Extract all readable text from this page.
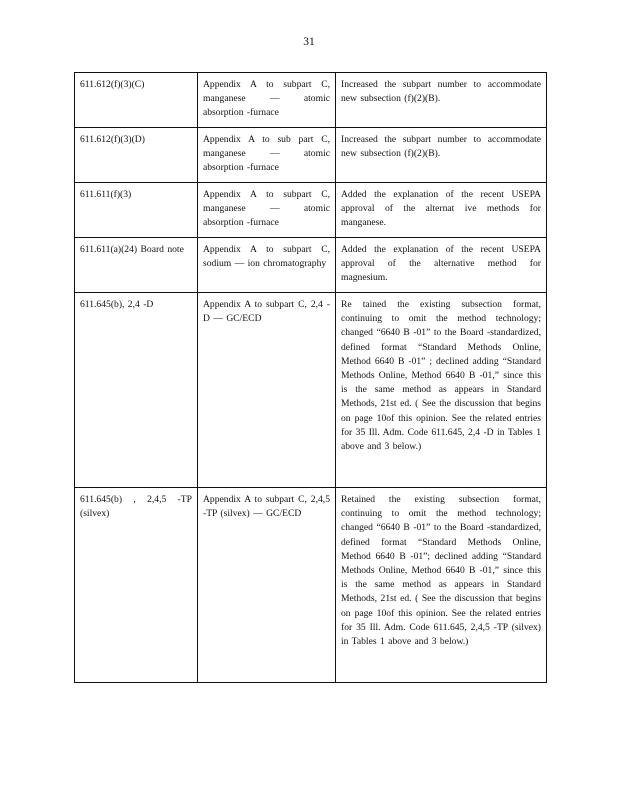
31
611.612(f)(3)(C)	Appendix A to subpart C, manganese — atomic absorption -furnace	Increased the subpart number to accommodate new subsection (f)(2)(B).
611.612(f)(3)(D)	Appendix A to sub part C, manganese — atomic absorption -furnace	Increased the subpart number to accommodate new subsection (f)(2)(B).
611.611(f)(3)	Appendix A to subpart C, manganese — atomic absorption -furnace	Added the explanation of the recent USEPA approval of the alternat ive methods for manganese.
611.611(a)(24) Board note	Appendix A to subpart C, sodium — ion chromatography	Added the explanation of the recent USEPA approval of the alternative method for magnesium.
611.645(b), 2,4 -D	Appendix A to subpart C, 2,4 -D — GC/ECD	Re tained the existing subsection format, continuing to omit the method technology; changed “6640 B -01” to the Board -standardized, defined format “Standard Methods Online, Method 6640 B -01” ; declined adding “Standard Methods Online, Method 6640 B -01,” since this is the same method as appears in Standard Methods, 21st ed. ( See the discussion that begins on page 10of this opinion. See the related entries for 35 Ill. Adm. Code 611.645, 2,4 -D in Tables 1 above and 3 below.)
611.645(b) , 2,4,5 -TP (silvex)	Appendix A to subpart C, 2,4,5 -TP (silvex) — GC/ECD	Retained the existing subsection format, continuing to omit the method technology; changed “6640 B -01” to the Board -standardized, defined format “Standard Methods Online, Method 6640 B -01”; declined adding “Standard Methods Online, Method 6640 B -01,” since this is the same method as appears in Standard Methods, 21st ed. ( See the discussion that begins on page 10of this opinion. See the related entries for 35 Ill. Adm. Code 611.645, 2,4,5 -TP (silvex) in Tables 1 above and 3 below.)
